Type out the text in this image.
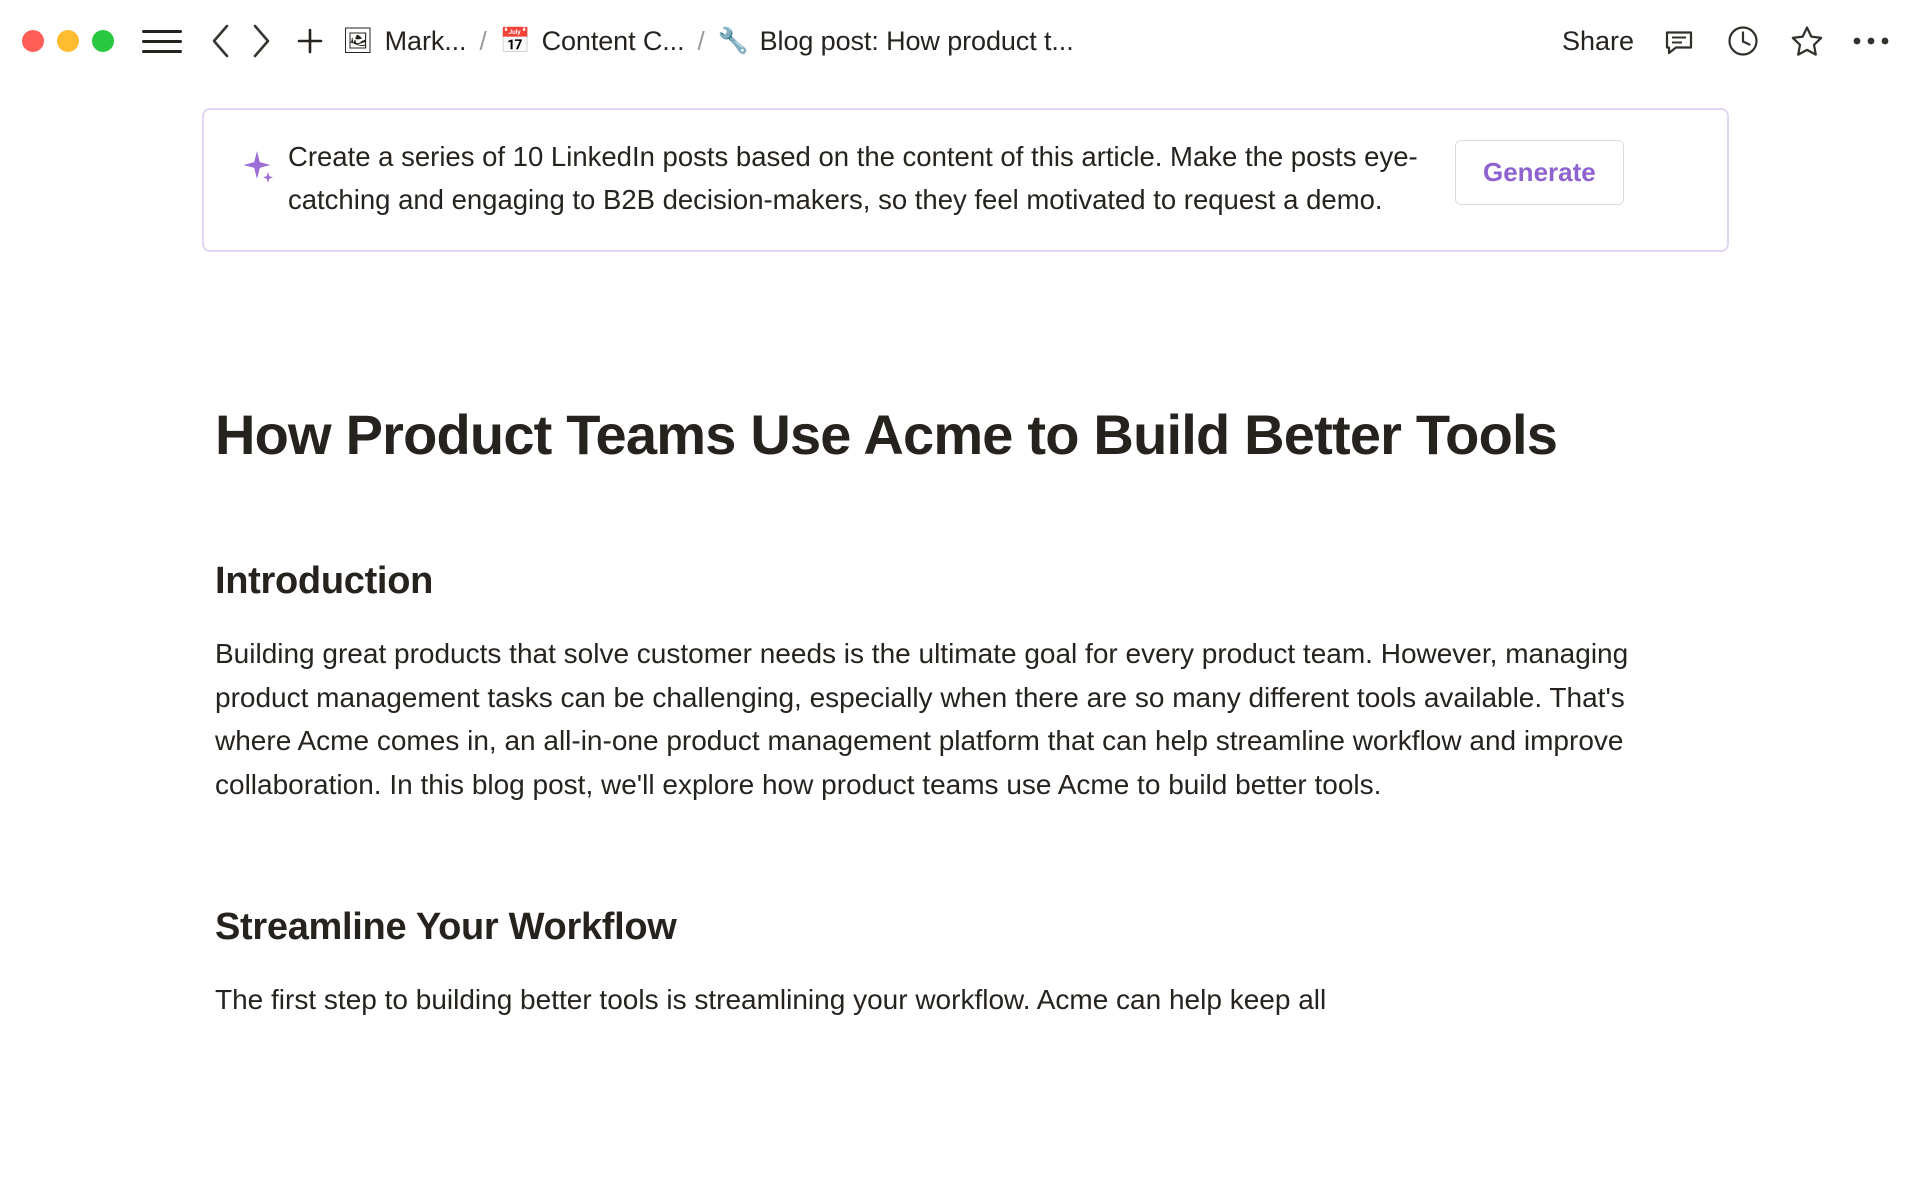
🖼 Mark... / 📅 Content C... / 🔧 Blog post: How product t...	Share
Create a series of 10 LinkedIn posts based on the content of this article. Make the posts eye-catching and engaging to B2B decision-makers, so they feel motivated to request a demo.
Generate
How Product Teams Use Acme to Build Better Tools
Introduction

Building great products that solve customer needs is the ultimate goal for every product team. However, managing product management tasks can be challenging, especially when there are so many different tools available. That's where Acme comes in, an all-in-one product management platform that can help streamline workflow and improve collaboration. In this blog post, we'll explore how product teams use Acme to build better tools.

Streamline Your Workflow

The first step to building better tools is streamlining your workflow. Acme can help keep all
